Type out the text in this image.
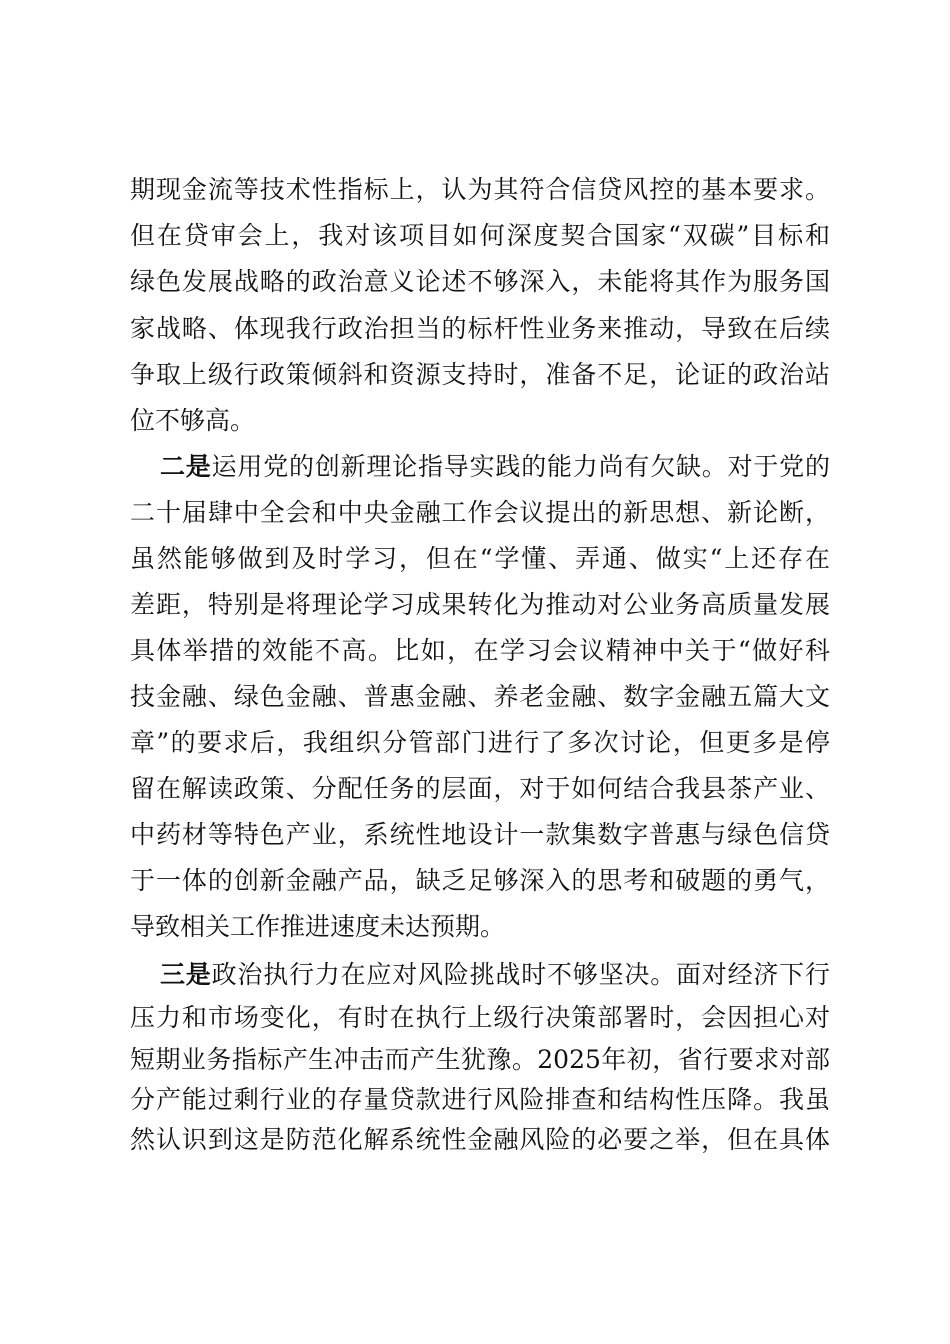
期现金流等技术性指标上，认为其符合信贷风控的基本要求。
但在贷审会上，我对该项目如何深度契合国家“双碳”目标和
绿色发展战略的政治意义论述不够深入，未能将其作为服务国
家战略、体现我行政治担当的标杆性业务来推动，导致在后续
争取上级行政策倾斜和资源支持时，准备不足，论证的政治站
位不够高。
二是运用党的创新理论指导实践的能力尚有欠缺。对于党的
二十届肆中全会和中央金融工作会议提出的新思想、新论断，
虽然能够做到及时学习，但在“学懂、弄通、做实“上还存在
差距，特别是将理论学习成果转化为推动对公业务高质量发展
具体举措的效能不高。比如，在学习会议精神中关于“做好科
技金融、绿色金融、普惠金融、养老金融、数字金融五篇大文
章”的要求后，我组织分管部门进行了多次讨论，但更多是停
留在解读政策、分配任务的层面，对于如何结合我县茶产业、
中药材等特色产业，系统性地设计一款集数字普惠与绿色信贷
于一体的创新金融产品，缺乏足够深入的思考和破题的勇气，
导致相关工作推进速度未达预期。
三是政治执行力在应对风险挑战时不够坚决。面对经济下行
压力和市场变化，有时在执行上级行决策部署时，会因担心对
短期业务指标产生冲击而产生犹豫。2025年初，省行要求对部
分产能过剩行业的存量贷款进行风险排查和结构性压降。我虽
然认识到这是防范化解系统性金融风险的必要之举，但在具体
